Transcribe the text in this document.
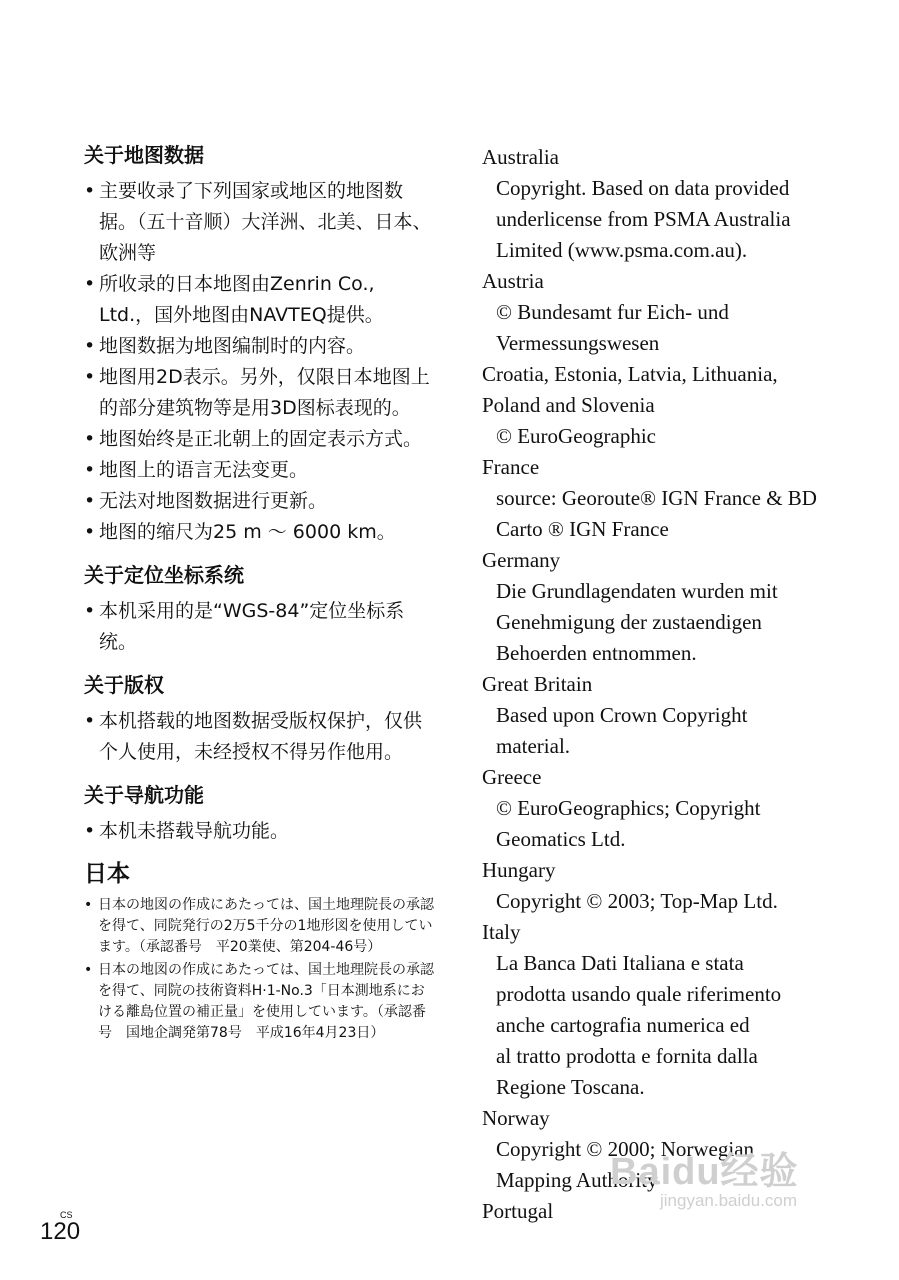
关于地图数据
• 主要收录了下列国家或地区的地图数据。（五十音顺）大洋洲、北美、日本、欧洲等
• 所收录的日本地图由Zenrin Co., Ltd.，国外地图由NAVTEQ提供。
• 地图数据为地图编制时的内容。
• 地图用2D表示。另外，仅限日本地图上的部分建筑物等是用3D图标表现的。
• 地图始终是正北朝上的固定表示方式。
• 地图上的语言无法变更。
• 无法对地图数据进行更新。
• 地图的缩尺为25 m ～ 6000 km。
关于定位坐标系统
• 本机采用的是“WGS-84”定位坐标系统。
关于版权
• 本机搭载的地图数据受版权保护，仅供个人使用，未经授权不得另作他用。
关于导航功能
• 本机未搭载导航功能。
日本
• 日本の地図の作成にあたっては、国土地理院長の承認を得て、同院発行の2万5千分の1地形図を使用しています。（承認番号　平20業使、第204-46号）
• 日本の地図の作成にあたっては、国土地理院長の承認を得て、同院の技術資料H·1-No.3「日本測地系における離島位置の補正量」を使用しています。（承認番号　国地企調発第78号　平成16年4月23日）

Australia

Copyright. Based on data provided

underlicense from PSMA Australia

Limited (www.psma.com.au).

Austria

© Bundesamt fur Eich- und

Vermessungswesen

Croatia, Estonia, Latvia, Lithuania,

Poland and Slovenia

© EuroGeographic

France

source: Georoute® IGN France & BD

Carto ® IGN France

Germany

Die Grundlagendaten wurden mit

Genehmigung der zustaendigen

Behoerden entnommen.

Great Britain

Based upon Crown Copyright

material.

Greece

© EuroGeographics; Copyright

Geomatics Ltd.

Hungary

Copyright © 2003; Top-Map Ltd.

Italy

La Banca Dati Italiana e stata

prodotta usando quale riferimento

anche cartografia numerica ed

al tratto prodotta e fornita dalla

Regione Toscana.

Norway

Copyright © 2000; Norwegian

Mapping Authority

Portugal

CS
120
Baidu经验
jingyan.baidu.com
